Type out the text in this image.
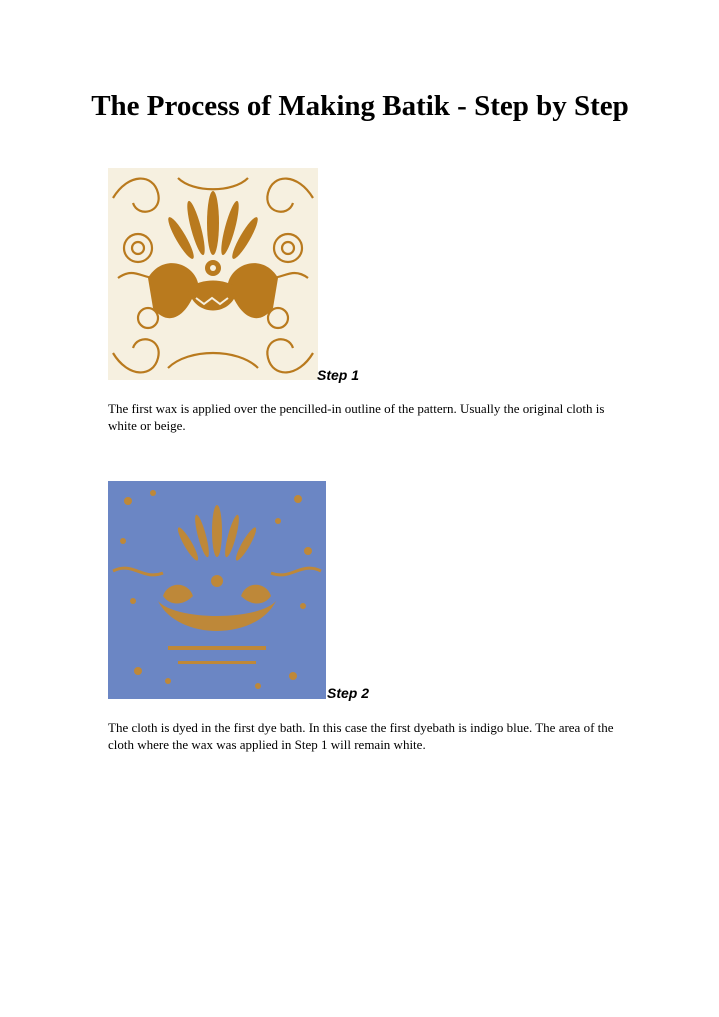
The Process of Making Batik - Step by Step
Step 1

The first wax is applied over the pencilled-in outline of the pattern. Usually the original cloth is white or beige.

Step 2

The cloth is dyed in the first dye bath. In this case the first dyebath is indigo blue. The area of the cloth where the wax was applied in Step 1 will remain white.
